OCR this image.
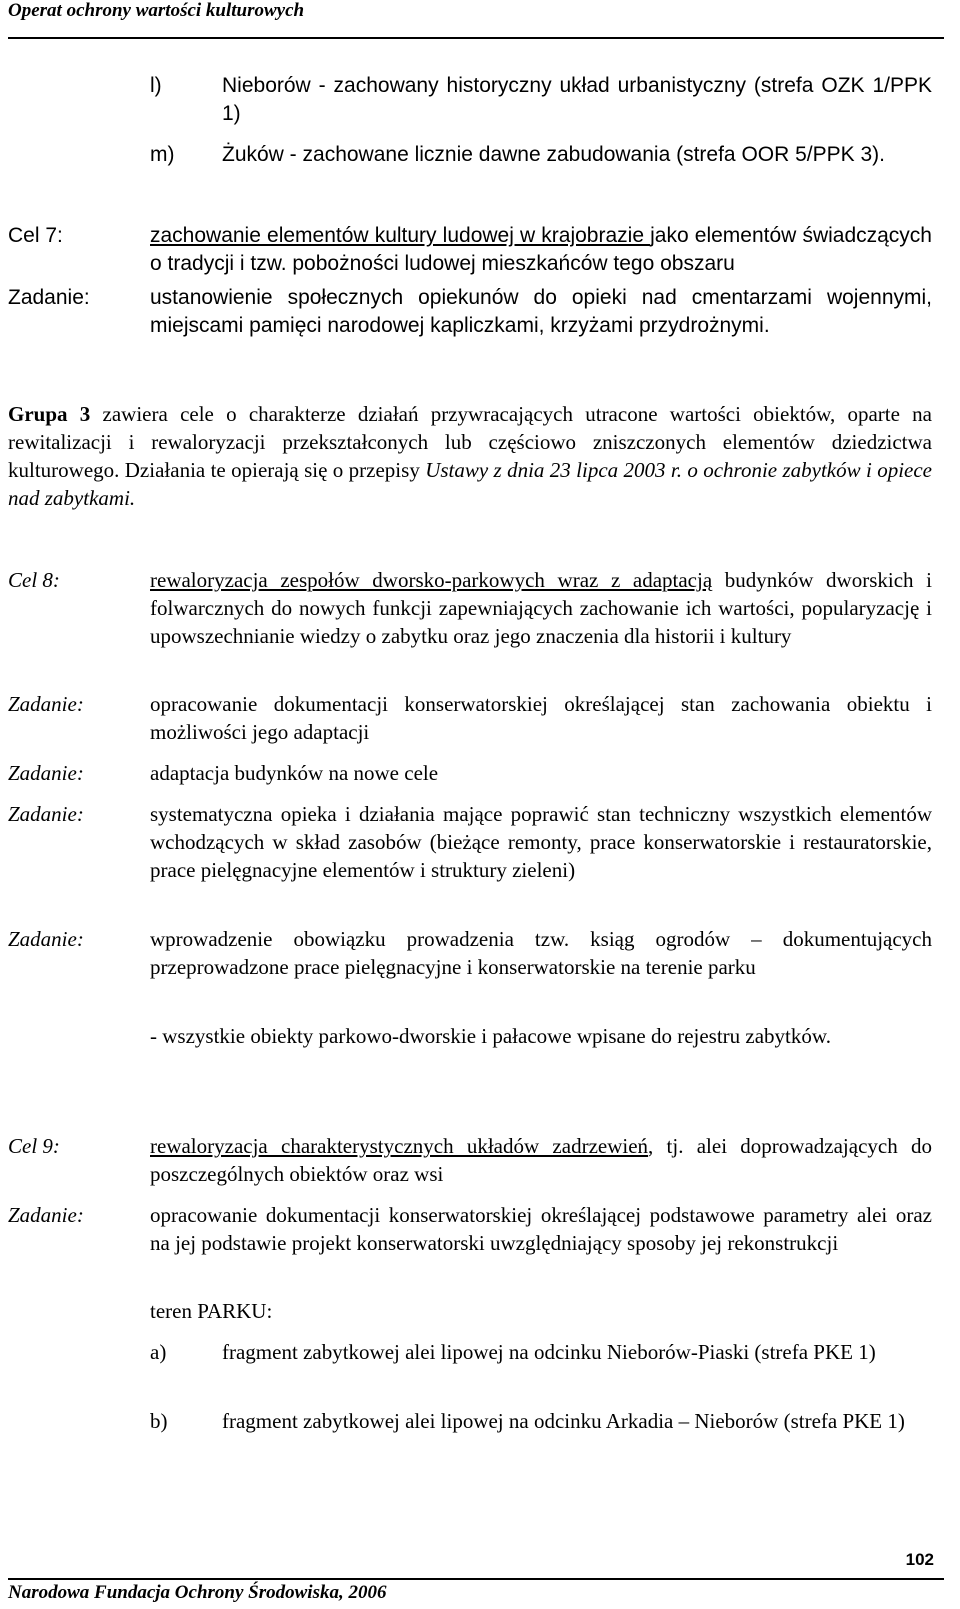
Operat ochrony wartości kulturowych
l)	Nieborów - zachowany historyczny układ urbanistyczny (strefa OZK 1/PPK 1)
m) Żuków - zachowane licznie dawne zabudowania (strefa OOR 5/PPK 3).
Cel 7:	zachowanie elementów kultury ludowej w krajobrazie jako elementów świadczących o tradycji i tzw. pobożności ludowej mieszkańców tego obszaru
Zadanie:	ustanowienie społecznych opiekunów do opieki nad cmentarzami wojennymi, miejscami pamięci narodowej kapliczkami, krzyżami przydrożnymi.
Grupa 3 zawiera cele o charakterze działań przywracających utracone wartości obiektów, oparte na rewitalizacji i rewaloryzacji przekształconych lub częściowo zniszczonych elementów dziedzictwa kulturowego. Działania te opierają się o przepisy Ustawy z dnia 23 lipca 2003 r. o ochronie zabytków i opiece nad zabytkami.
Cel 8:	rewaloryzacja zespołów dworsko-parkowych wraz z adaptacją budynków dworskich i folwarcznych do nowych funkcji zapewniających zachowanie ich wartości, popularyzację i upowszechnianie wiedzy o zabytku oraz jego znaczenia dla historii i kultury
Zadanie:	opracowanie dokumentacji konserwatorskiej określającej stan zachowania obiektu i możliwości jego adaptacji
Zadanie:	adaptacja budynków na nowe cele
Zadanie:	systematyczna opieka i działania mające poprawić stan techniczny wszystkich elementów wchodzących w skład zasobów (bieżące remonty, prace konserwatorskie i restauratorskie, prace pielęgnacyjne elementów i struktury zieleni)
Zadanie:	wprowadzenie obowiązku prowadzenia tzw. ksiąg ogrodów – dokumentujących przeprowadzone prace pielęgnacyjne i konserwatorskie na terenie parku
- wszystkie obiekty parkowo-dworskie i pałacowe wpisane do rejestru zabytków.
Cel 9:	rewaloryzacja charakterystycznych układów zadrzewień, tj. alei doprowadzających do poszczególnych obiektów oraz wsi
Zadanie:	opracowanie dokumentacji konserwatorskiej określającej podstawowe parametry alei oraz na jej podstawie projekt konserwatorski uwzględniający sposoby jej rekonstrukcji
teren PARKU:
a)	fragment zabytkowej alei lipowej na odcinku Nieborów-Piaski (strefa PKE 1)
b)	fragment zabytkowej alei lipowej na odcinku Arkadia – Nieborów (strefa PKE 1)
102
Narodowa Fundacja Ochrony Środowiska, 2006
